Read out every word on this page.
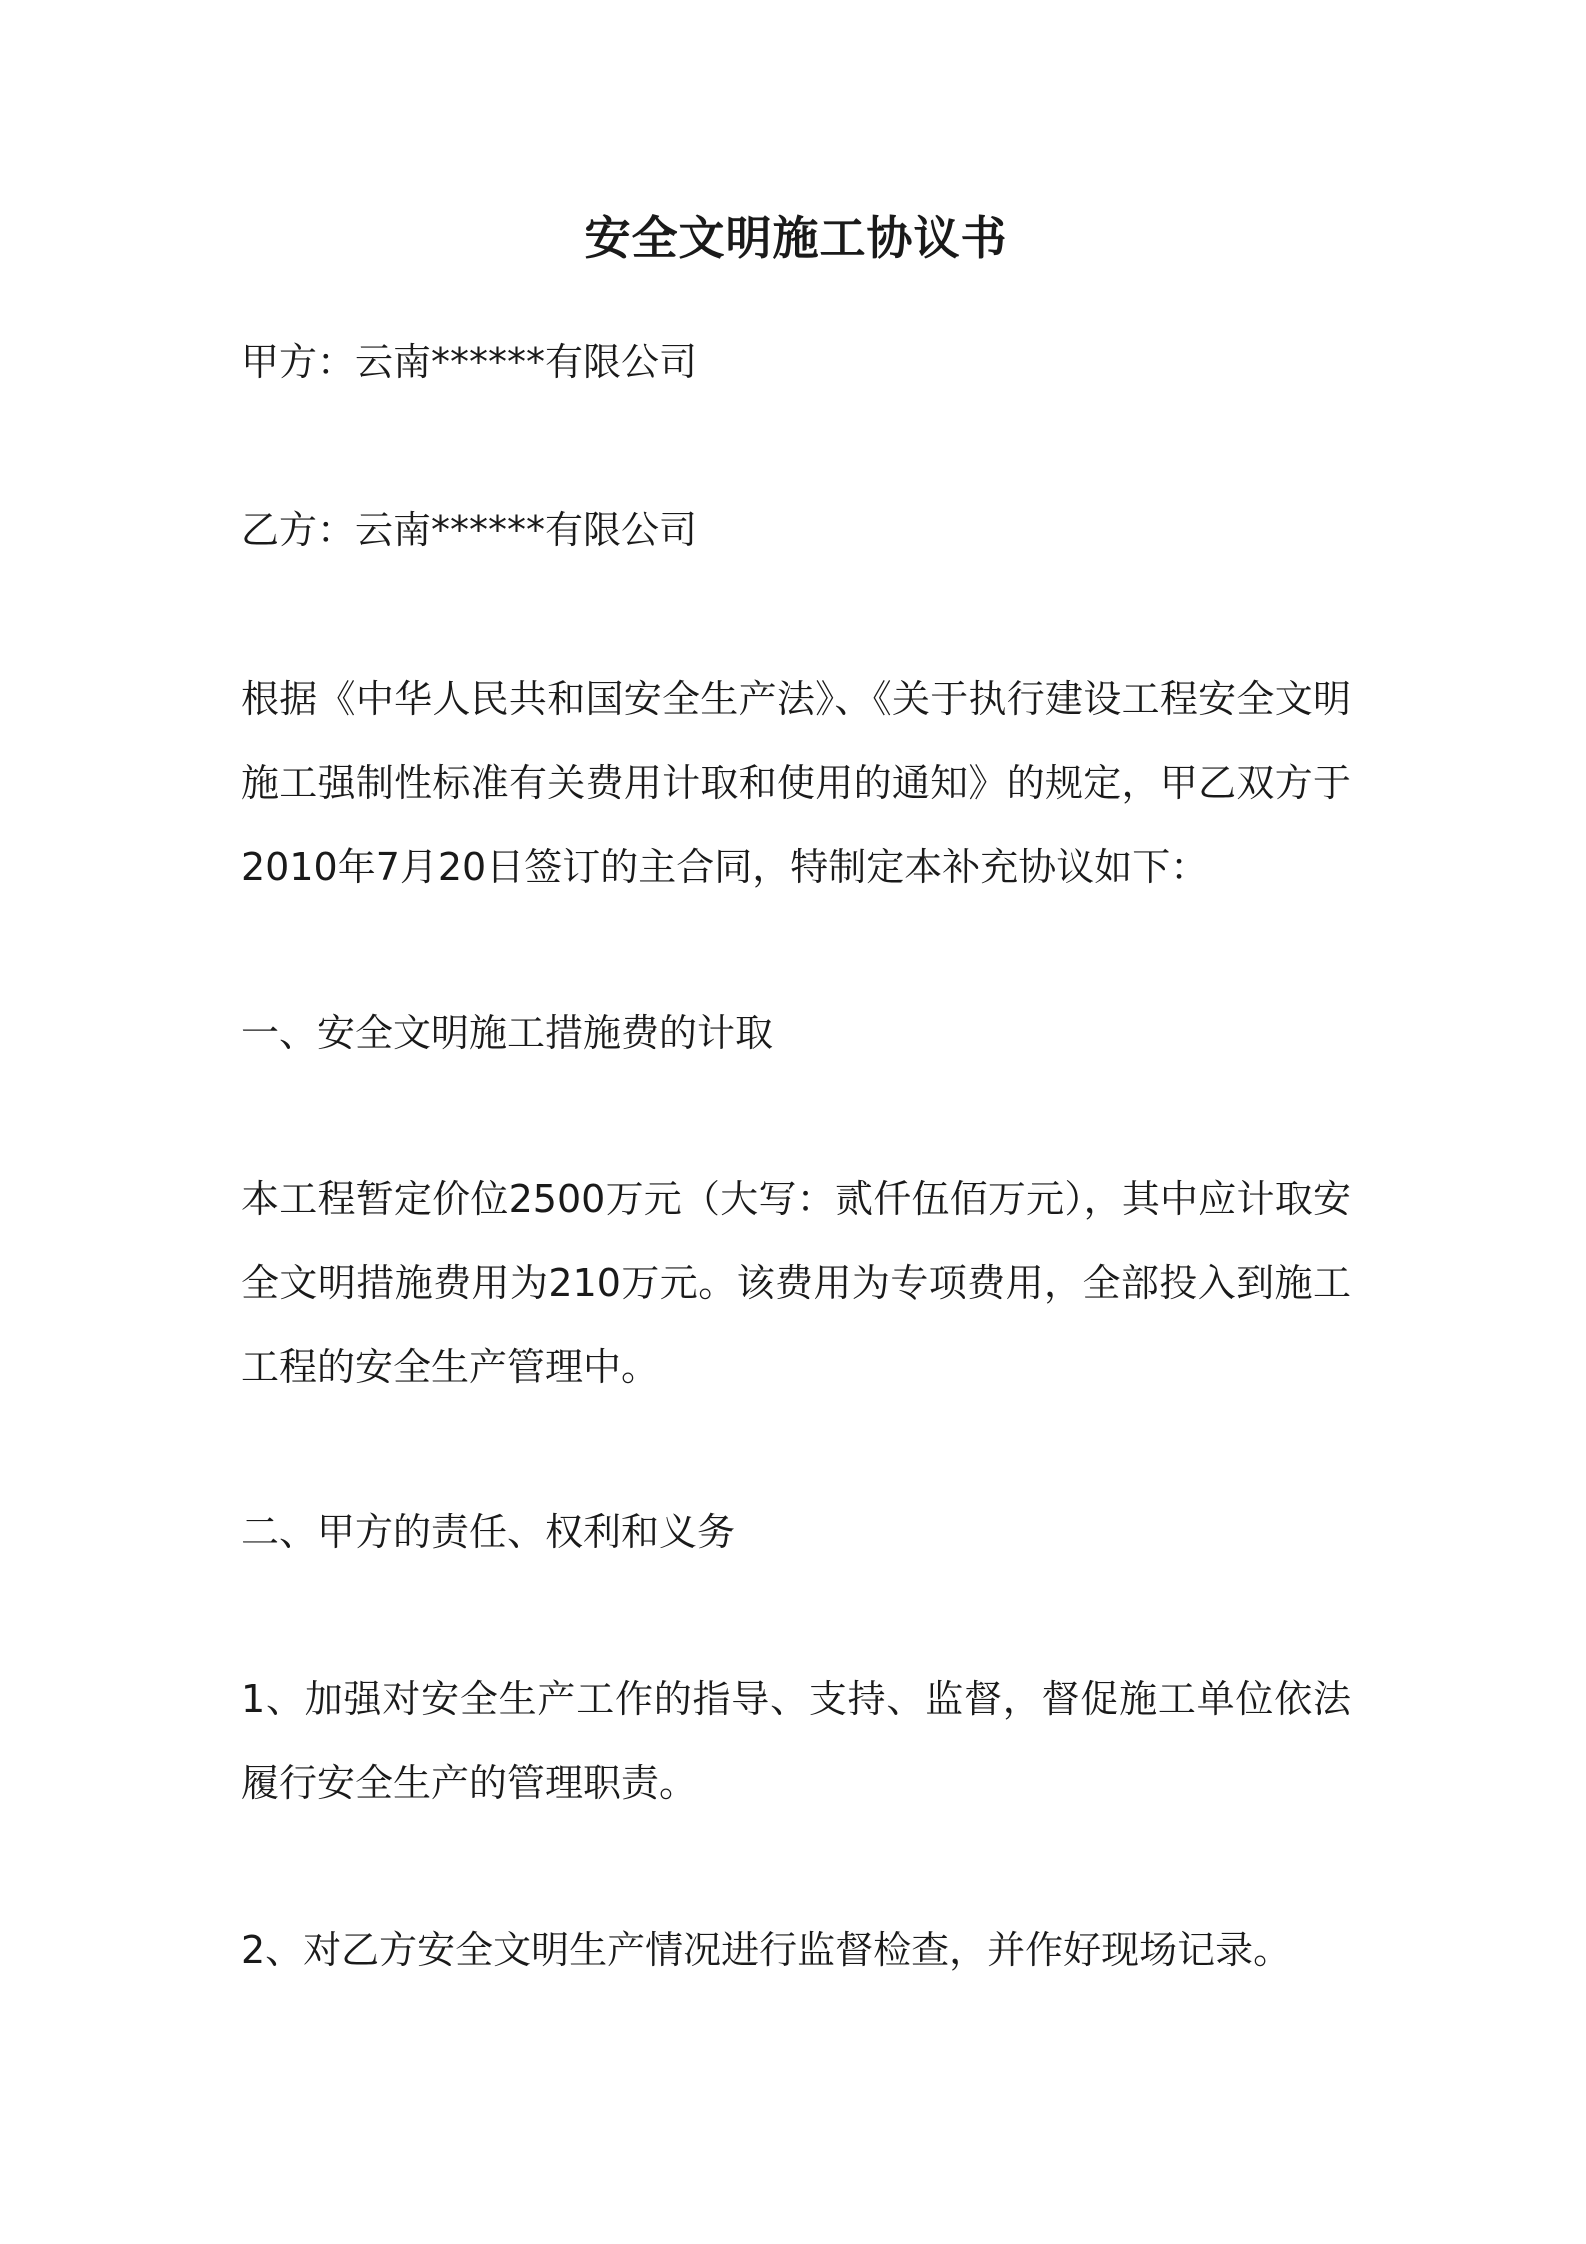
安全文明施工协议书

甲方：云南******有限公司

乙方：云南******有限公司

根据《中华人民共和国安全生产法》、《关于执行建设工程安全文明施工强制性标准有关费用计取和使用的通知》的规定，甲乙双方于2010年7月20日签订的主合同，特制定本补充协议如下：

一、安全文明施工措施费的计取

本工程暂定价位2500万元（大写：贰仟伍佰万元），其中应计取安全文明措施费用为210万元。该费用为专项费用，全部投入到施工工程的安全生产管理中。

二、甲方的责任、权利和义务

1、加强对安全生产工作的指导、支持、监督，督促施工单位依法履行安全生产的管理职责。

2、对乙方安全文明生产情况进行监督检查，并作好现场记录。
